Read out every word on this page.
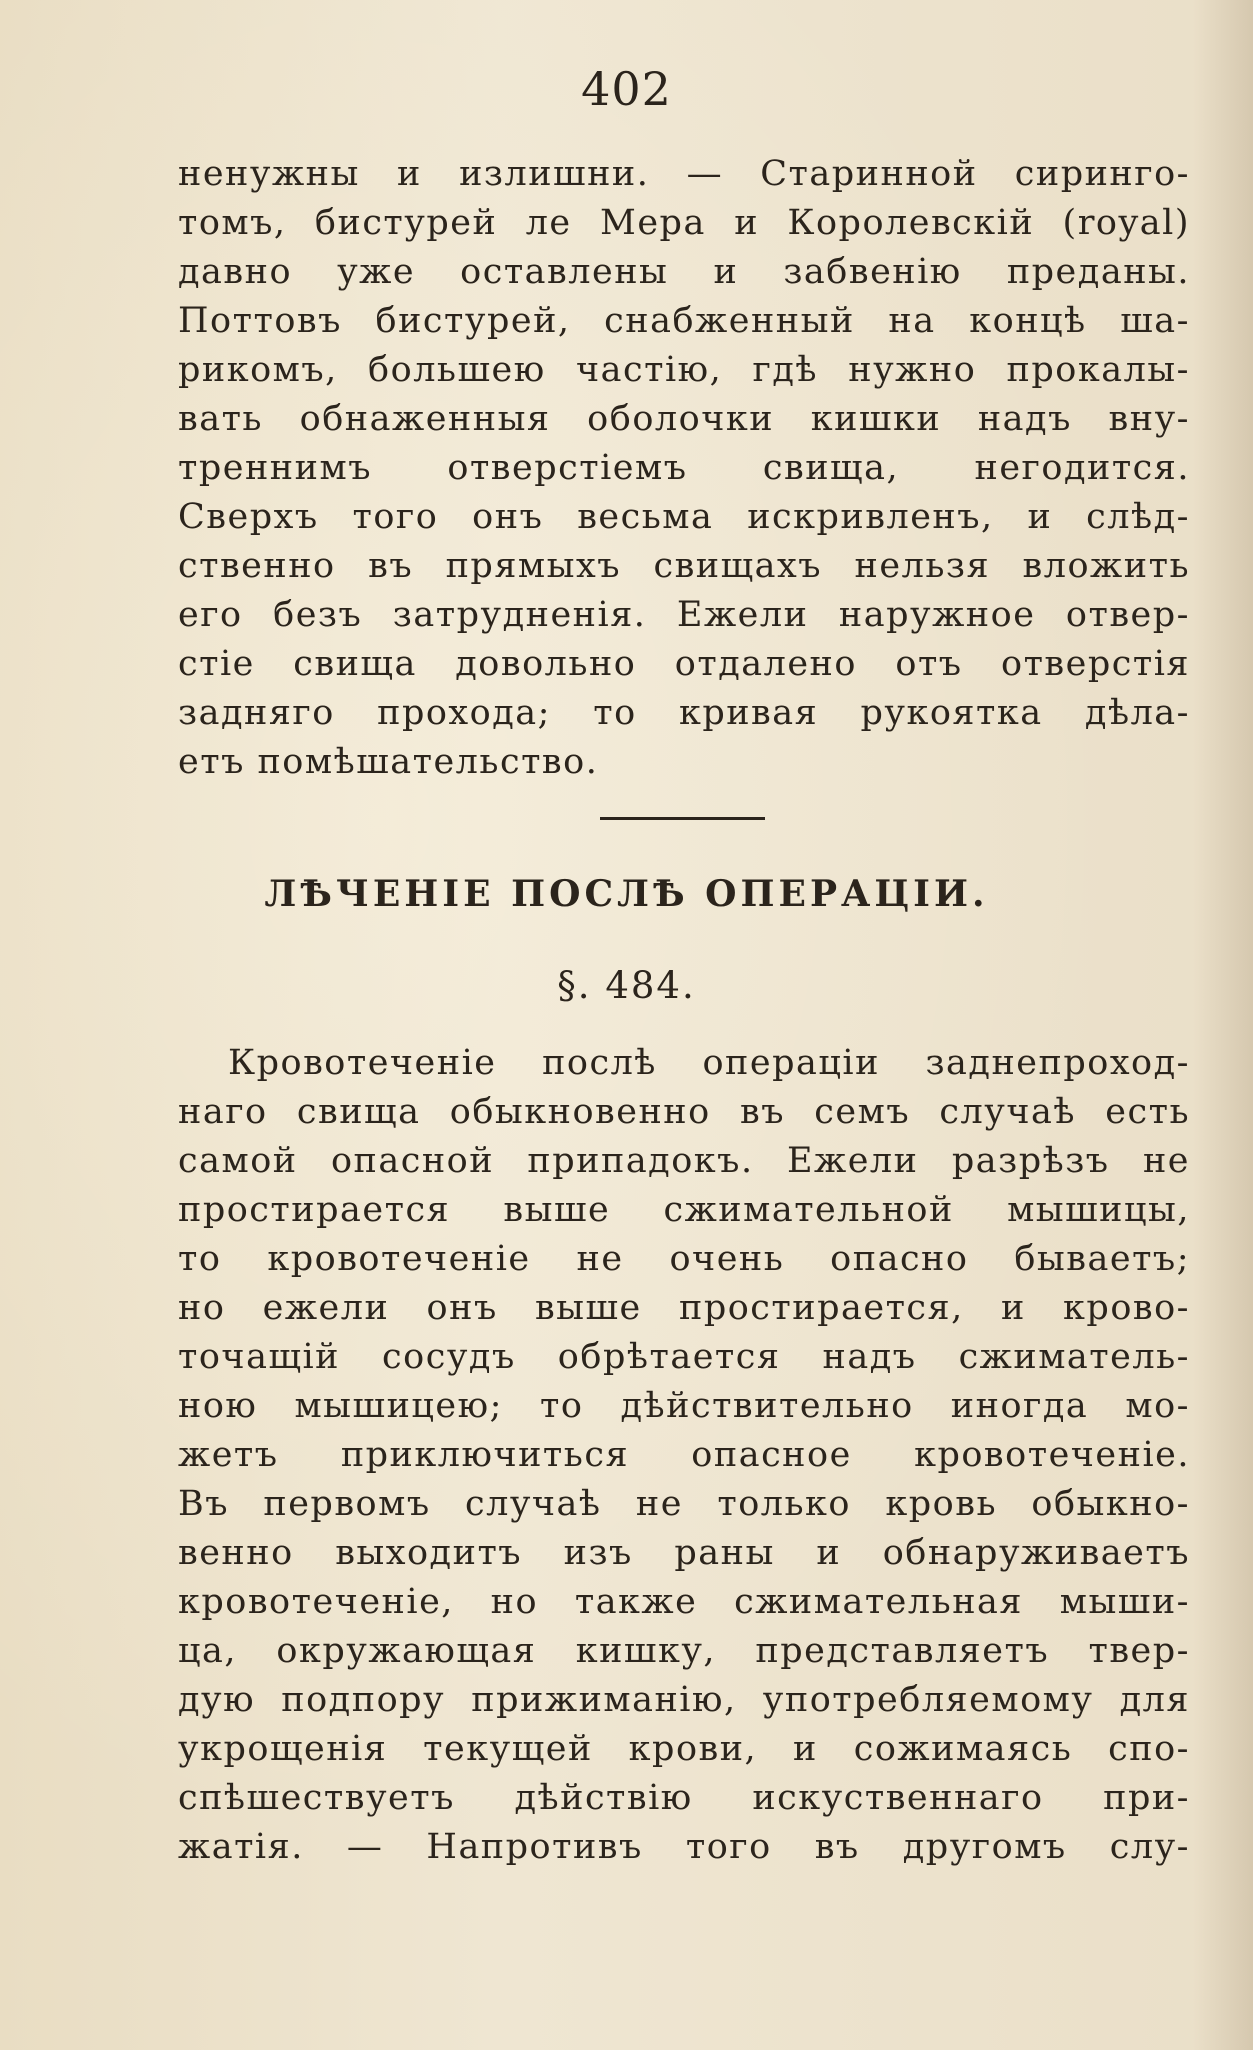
402
ненужны и излишни. — Старинной сиринго-
томъ, бистурей ле Мера и Королевскій (royal)
давно уже оставлены и забвенію преданы.
Поттовъ бистурей, снабженный на концѣ ша-
рикомъ, большею частію, гдѣ нужно прокалы-
вать обнаженныя оболочки кишки надъ вну-
треннимъ отверстіемъ свища, негодится.
Сверхъ того онъ весьма искривленъ, и слѣд-
ственно въ прямыхъ свищахъ нельзя вложить
его безъ затрудненія. Ежели наружное отвер-
стіе свища довольно отдалено отъ отверстія
задняго прохода; то кривая рукоятка дѣла-
етъ помѣшательство.
ЛѢЧЕНІЕ ПОСЛѢ ОПЕРАЦІИ.
§. 484.
Кровотеченіе послѣ операціи заднепроход-
наго свища обыкновенно въ семъ случаѣ есть
самой опасной припадокъ. Ежели разрѣзъ не
простирается выше сжимательной мышицы,
то кровотеченіе не очень опасно бываетъ;
но ежели онъ выше простирается, и крово-
точащій сосудъ обрѣтается надъ сжиматель-
ною мышицею; то дѣйствительно иногда мо-
жетъ приключиться опасное кровотеченіе.
Въ первомъ случаѣ не только кровь обыкно-
венно выходитъ изъ раны и обнаруживаетъ
кровотеченіе, но также сжимательная мыши-
ца, окружающая кишку, представляетъ твер-
дую подпору прижиманію, употребляемому для
укрощенія текущей крови, и сожимаясь спо-
спѣшествуетъ дѣйствію искуственнаго при-
жатія. — Напротивъ того въ другомъ слу-
